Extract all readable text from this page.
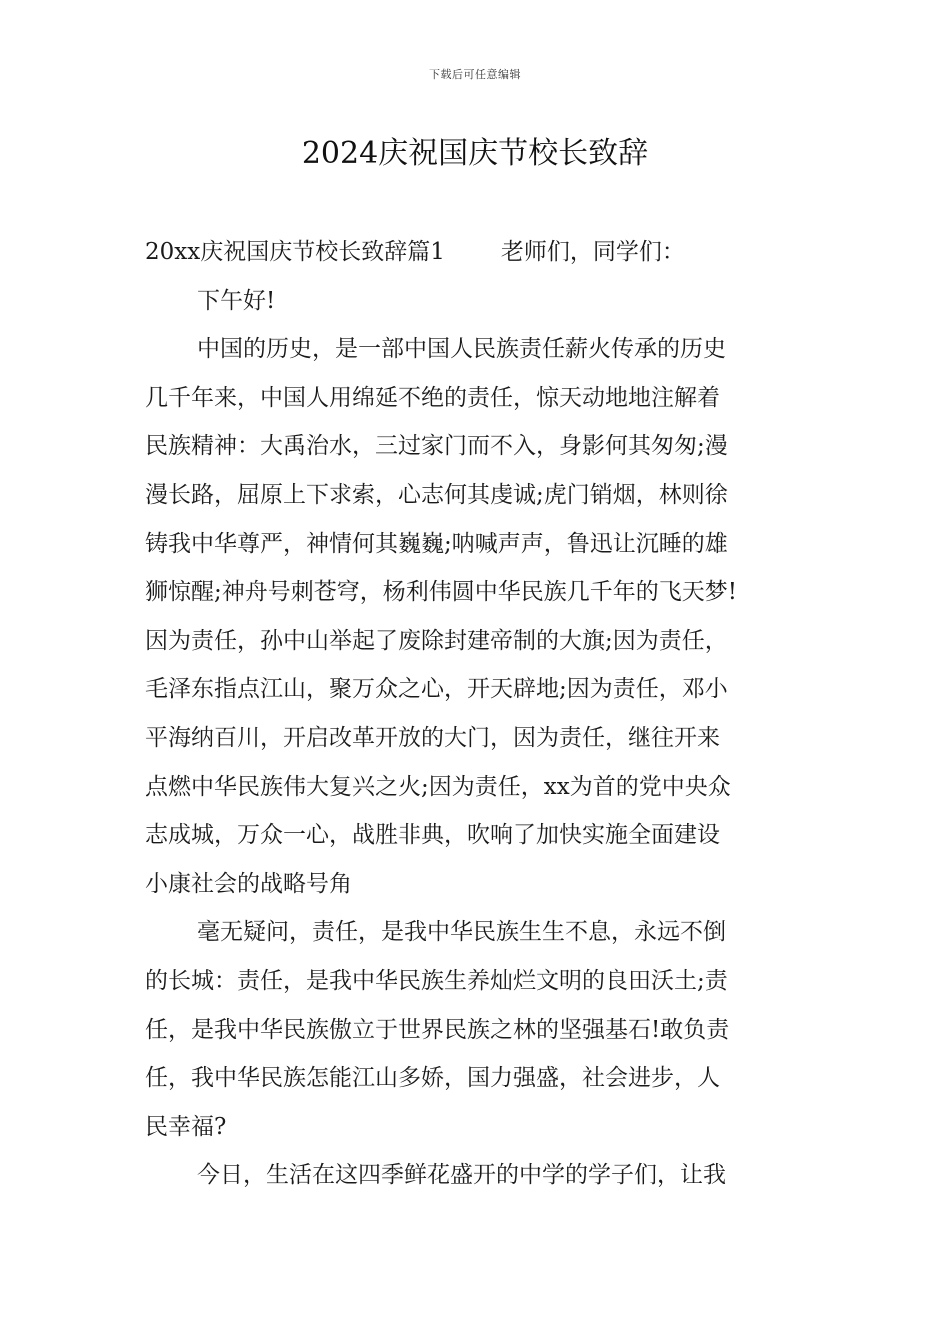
下载后可任意编辑
2024庆祝国庆节校长致辞
20xx庆祝国庆节校长致辞篇1 老师们，同学们：
下午好!
中国的历史，是一部中国人民族责任薪火传承的历史
几千年来，中国人用绵延不绝的责任，惊天动地地注解着
民族精神：大禹治水，三过家门而不入，身影何其匆匆;漫
漫长路，屈原上下求索，心志何其虔诚;虎门销烟，林则徐
铸我中华尊严，神情何其巍巍;呐喊声声，鲁迅让沉睡的雄
狮惊醒;神舟号刺苍穹，杨利伟圆中华民族几千年的飞天梦!
因为责任，孙中山举起了废除封建帝制的大旗;因为责任，
毛泽东指点江山，聚万众之心，开天辟地;因为责任，邓小
平海纳百川，开启改革开放的大门，因为责任，继往开来
点燃中华民族伟大复兴之火;因为责任，xx为首的党中央众
志成城，万众一心，战胜非典，吹响了加快实施全面建设
小康社会的战略号角
毫无疑问，责任，是我中华民族生生不息，永远不倒
的长城：责任，是我中华民族生养灿烂文明的良田沃土;责
任，是我中华民族傲立于世界民族之林的坚强基石!敢负责
任，我中华民族怎能江山多娇，国力强盛，社会进步，人
民幸福?
今日，生活在这四季鲜花盛开的中学的学子们，让我
